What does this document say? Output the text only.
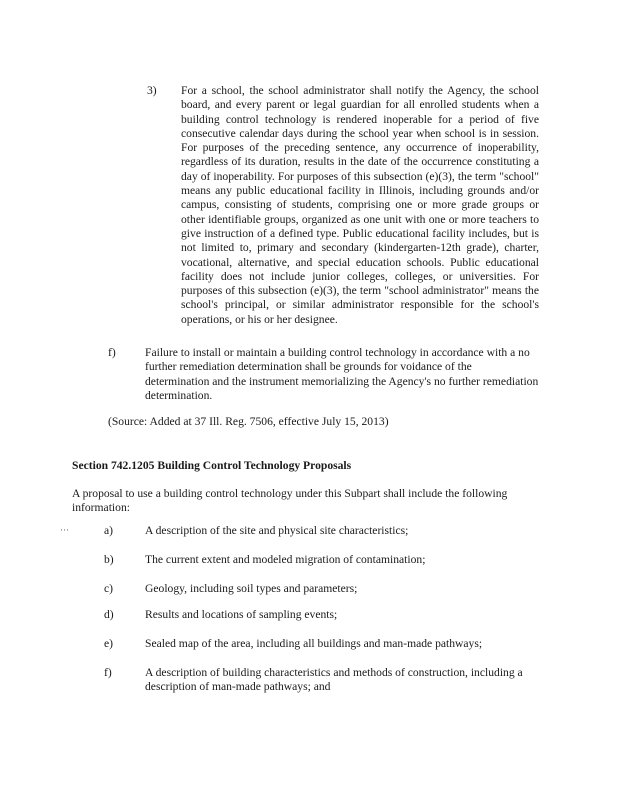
3) For a school, the school administrator shall notify the Agency, the school board, and every parent or legal guardian for all enrolled students when a building control technology is rendered inoperable for a period of five consecutive calendar days during the school year when school is in session. For purposes of the preceding sentence, any occurrence of inoperability, regardless of its duration, results in the date of the occurrence constituting a day of inoperability. For purposes of this subsection (e)(3), the term "school" means any public educational facility in Illinois, including grounds and/or campus, consisting of students, comprising one or more grade groups or other identifiable groups, organized as one unit with one or more teachers to give instruction of a defined type. Public educational facility includes, but is not limited to, primary and secondary (kindergarten-12th grade), charter, vocational, alternative, and special education schools. Public educational facility does not include junior colleges, colleges, or universities. For purposes of this subsection (e)(3), the term "school administrator" means the school's principal, or similar administrator responsible for the school's operations, or his or her designee.

f)	Failure to install or maintain a building control technology in accordance with a no further remediation determination shall be grounds for voidance of the determination and the instrument memorializing the Agency's no further remediation determination.

(Source: Added at 37 Ill. Reg. 7506, effective July 15, 2013)

Section 742.1205 Building Control Technology Proposals

A proposal to use a building control technology under this Subpart shall include the following information:

···	a)	A description of the site and physical site characteristics;

b)	The current extent and modeled migration of contamination;

c)	Geology, including soil types and parameters;

d)	Results and locations of sampling events;

e)	Sealed map of the area, including all buildings and man-made pathways;

f)	A description of building characteristics and methods of construction, including a description of man-made pathways; and
